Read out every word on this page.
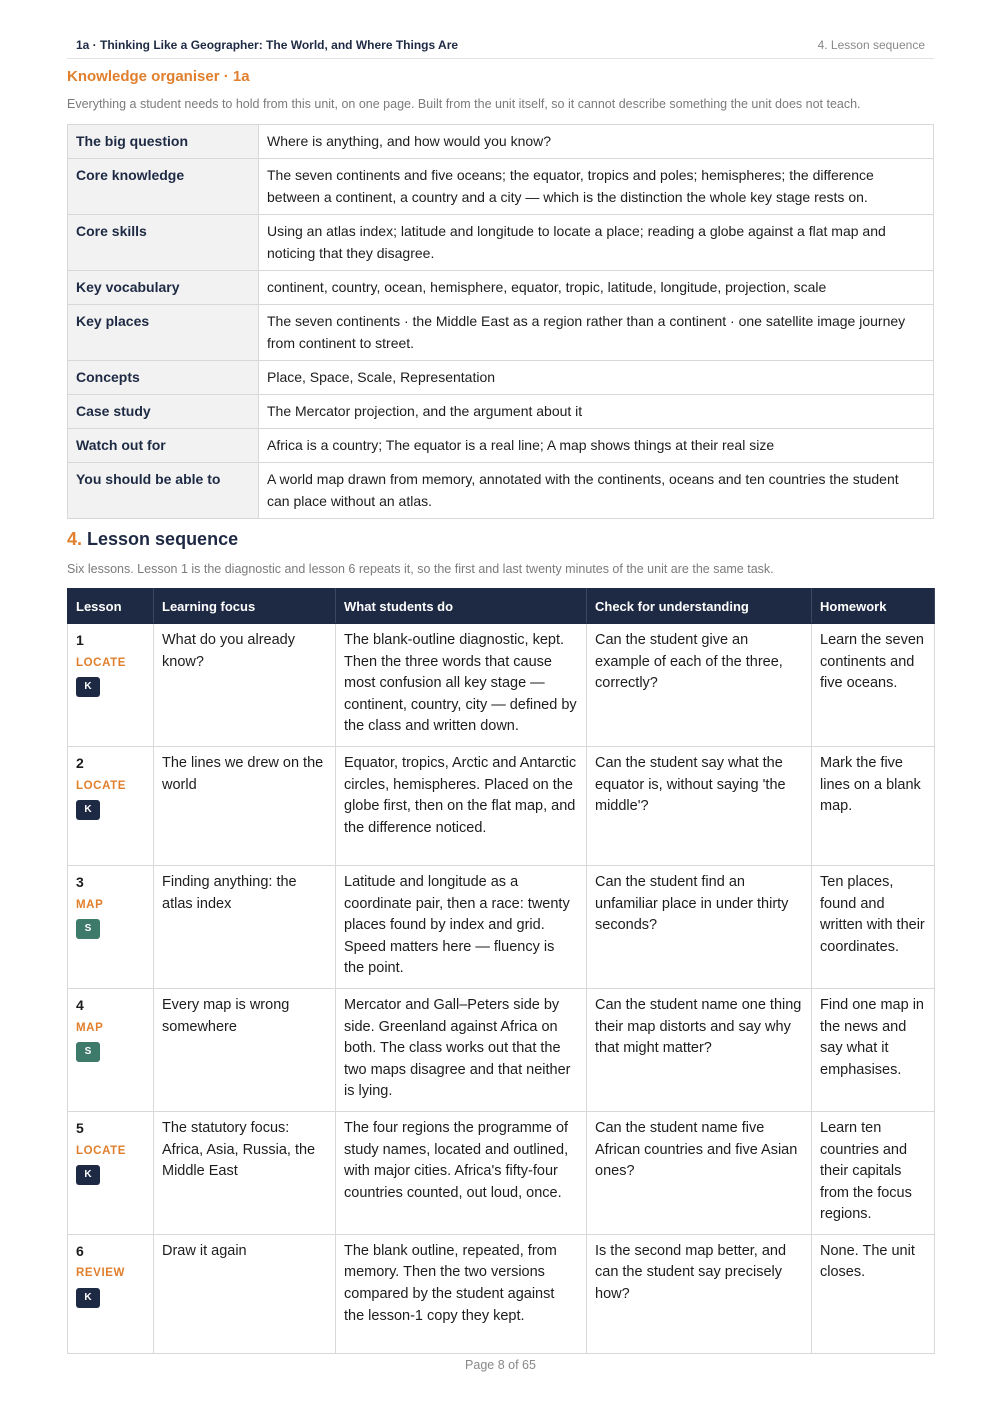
1a · Thinking Like a Geographer: The World, and Where Things Are	4. Lesson sequence
Knowledge organiser · 1a
Everything a student needs to hold from this unit, on one page. Built from the unit itself, so it cannot describe something the unit does not teach.
The big question	Where is anything, and how would you know?
Core knowledge	The seven continents and five oceans; the equator, tropics and poles; hemispheres; the difference between a continent, a country and a city — which is the distinction the whole key stage rests on.
Core skills	Using an atlas index; latitude and longitude to locate a place; reading a globe against a flat map and noticing that they disagree.
Key vocabulary	continent, country, ocean, hemisphere, equator, tropic, latitude, longitude, projection, scale
Key places	The seven continents · the Middle East as a region rather than a continent · one satellite image journey from continent to street.
Concepts	Place, Space, Scale, Representation
Case study	The Mercator projection, and the argument about it
Watch out for	Africa is a country; The equator is a real line; A map shows things at their real size
You should be able to	A world map drawn from memory, annotated with the continents, oceans and ten countries the student can place without an atlas.
4. Lesson sequence
Six lessons. Lesson 1 is the diagnostic and lesson 6 repeats it, so the first and last twenty minutes of the unit are the same task.
Lesson	Learning focus	What students do	Check for understanding	Homework

1
LOCATE
K	What do you already know?	The blank-outline diagnostic, kept. Then the three words that cause most confusion all key stage — continent, country, city — defined by the class and written down.	Can the student give an example of each of the three, correctly?	Learn the seven continents and five oceans.

2
LOCATE
K	The lines we drew on the world	Equator, tropics, Arctic and Antarctic circles, hemispheres. Placed on the globe first, then on the flat map, and the difference noticed.	Can the student say what the equator is, without saying 'the middle'?	Mark the five lines on a blank map.

3
MAP
S	Finding anything: the atlas index	Latitude and longitude as a coordinate pair, then a race: twenty places found by index and grid. Speed matters here — fluency is the point.	Can the student find an unfamiliar place in under thirty seconds?	Ten places, found and written with their coordinates.

4
MAP
S	Every map is wrong somewhere	Mercator and Gall–Peters side by side. Greenland against Africa on both. The class works out that the two maps disagree and that neither is lying.	Can the student name one thing their map distorts and say why that might matter?	Find one map in the news and say what it emphasises.

5
LOCATE
K	The statutory focus: Africa, Asia, Russia, the Middle East	The four regions the programme of study names, located and outlined, with major cities. Africa's fifty-four countries counted, out loud, once.	Can the student name five African countries and five Asian ones?	Learn ten countries and their capitals from the focus regions.

6
REVIEW
K	Draw it again	The blank outline, repeated, from memory. Then the two versions compared by the student against the lesson-1 copy they kept.	Is the second map better, and can the student say precisely how?	None. The unit closes.
Page 8 of 65
